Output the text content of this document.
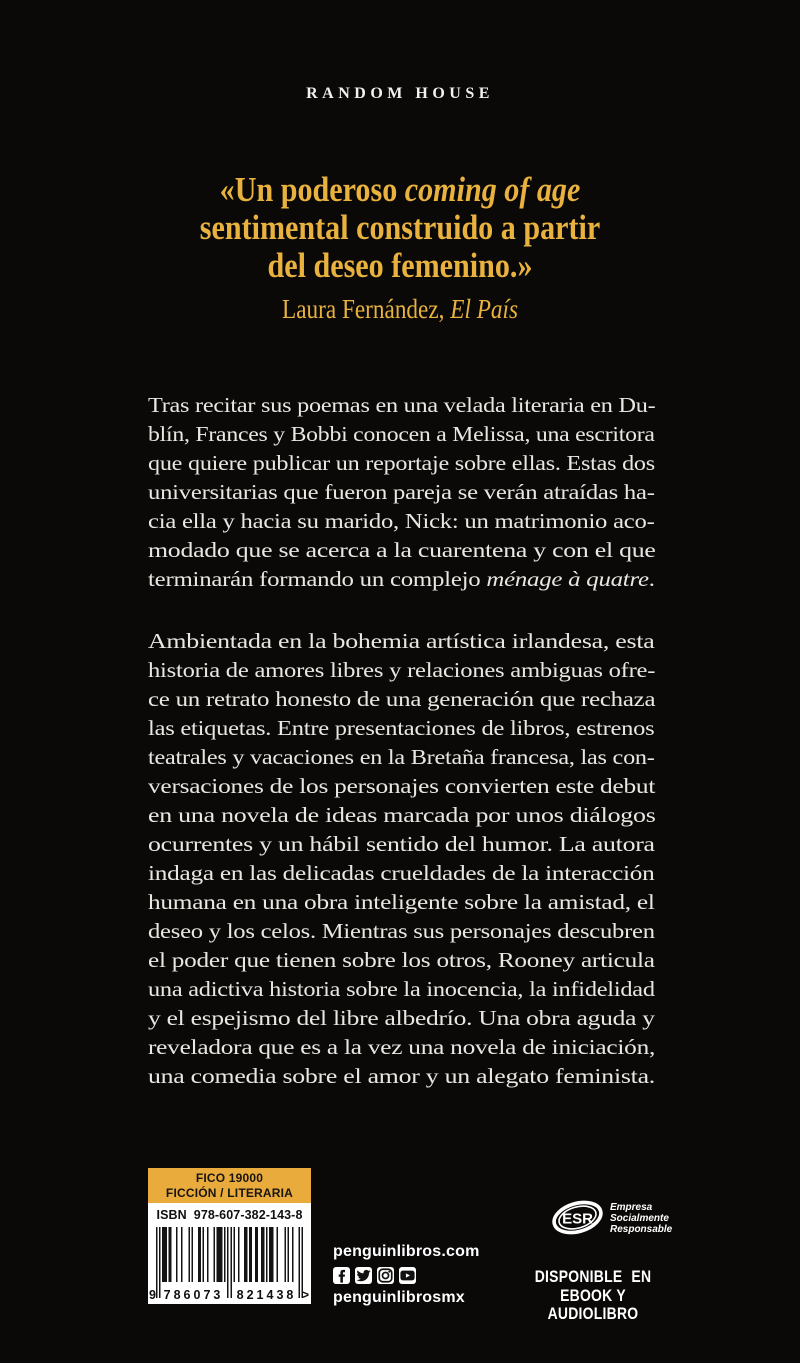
RANDOM HOUSE
«Un poderoso coming of age
sentimental construido a partir
del deseo femenino.»
Laura Fernández, El País
Tras recitar sus poemas en una velada literaria en Du-
blín, Frances y Bobbi conocen a Melissa, una escritora
que quiere publicar un reportaje sobre ellas. Estas dos
universitarias que fueron pareja se verán atraídas ha-
cia ella y hacia su marido, Nick: un matrimonio aco-
modado que se acerca a la cuarentena y con el que
terminarán formando un complejo ménage à quatre.
Ambientada en la bohemia artística irlandesa, esta
historia de amores libres y relaciones ambiguas ofre-
ce un retrato honesto de una generación que rechaza
las etiquetas. Entre presentaciones de libros, estrenos
teatrales y vacaciones en la Bretaña francesa, las con-
versaciones de los personajes convierten este debut
en una novela de ideas marcada por unos diálogos
ocurrentes y un hábil sentido del humor. La autora
indaga en las delicadas crueldades de la interacción
humana en una obra inteligente sobre la amistad, el
deseo y los celos. Mientras sus personajes descubren
el poder que tienen sobre los otros, Rooney articula
una adictiva historia sobre la inocencia, la infidelidad
y el espejismo del libre albedrío. Una obra aguda y
reveladora que es a la vez una novela de iniciación,
una comedia sobre el amor y un alegato feminista.
FICO 19000
FICCIÓN / LITERARIA
ISBN 978-607-382-143-8
9 786073 821438 >
penguinlibros.com
penguinlibrosmx
ESR
Empresa
Socialmente
Responsable
DISPONIBLE EN
EBOOK Y AUDIOLIBRO
